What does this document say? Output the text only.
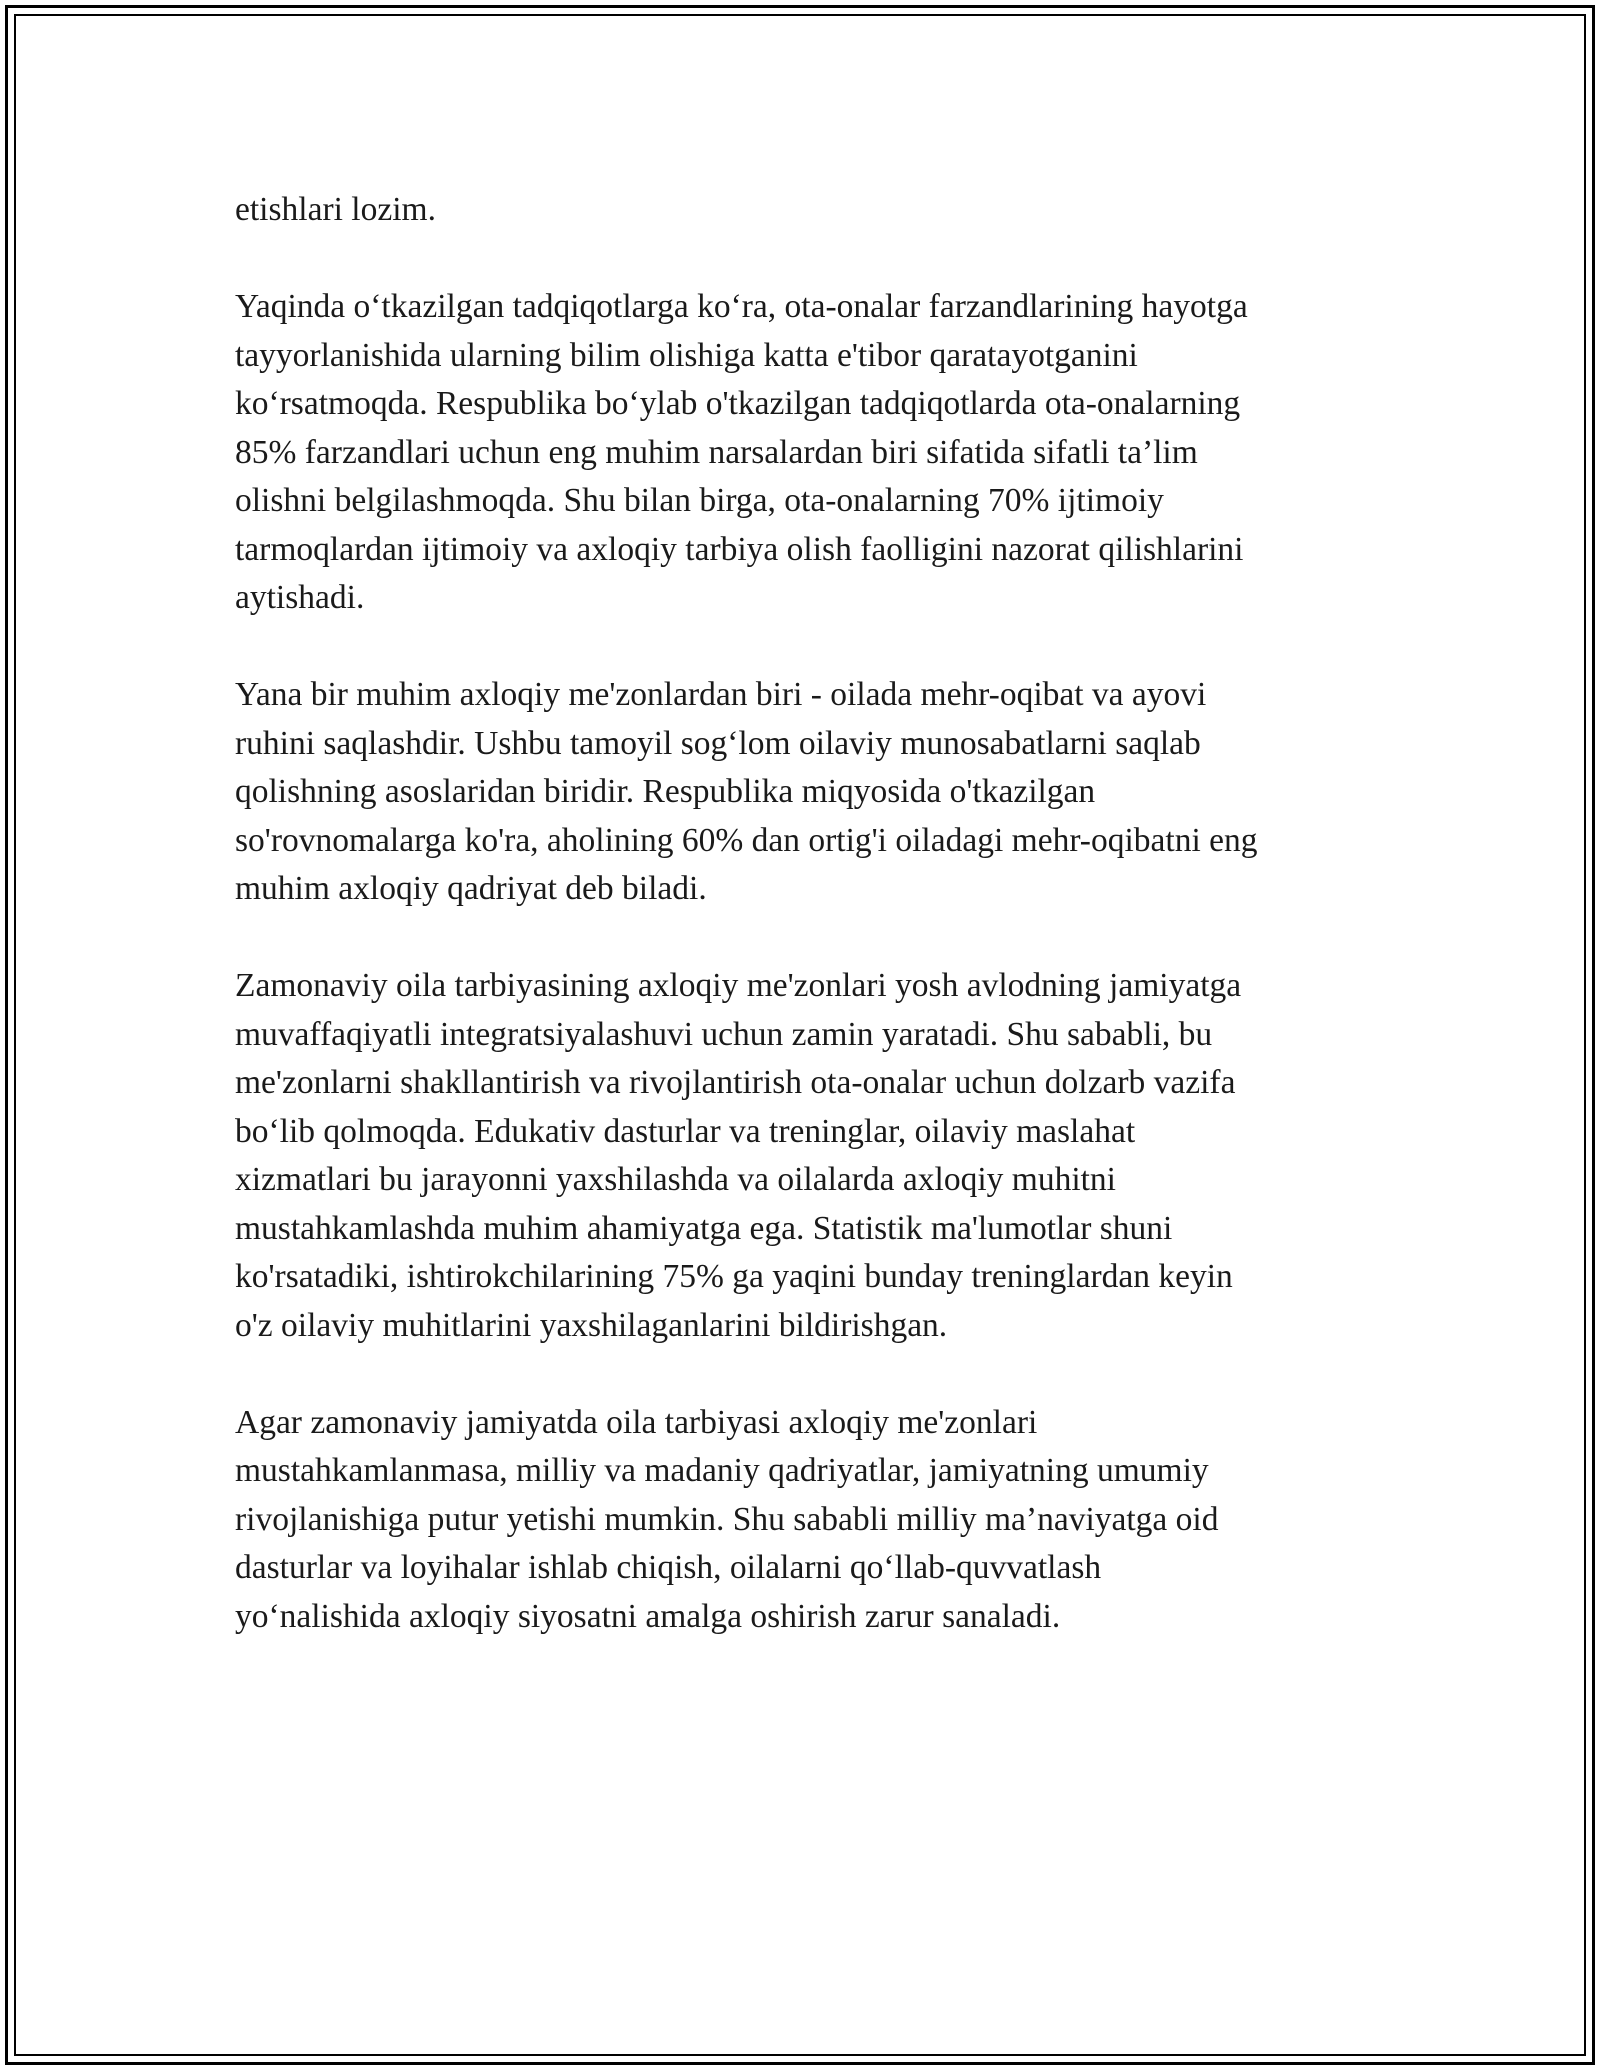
etishlari lozim.

Yaqinda o‘tkazilgan tadqiqotlarga ko‘ra, ota-onalar farzandlarining hayotga
tayyorlanishida ularning bilim olishiga katta e'tibor qaratayotganini
ko‘rsatmoqda. Respublika bo‘ylab o'tkazilgan tadqiqotlarda ota-onalarning
85% farzandlari uchun eng muhim narsalardan biri sifatida sifatli ta’lim
olishni belgilashmoqda. Shu bilan birga, ota-onalarning 70% ijtimoiy
tarmoqlardan ijtimoiy va axloqiy tarbiya olish faolligini nazorat qilishlarini
aytishadi.

Yana bir muhim axloqiy me'zonlardan biri - oilada mehr-oqibat va ayovi
ruhini saqlashdir. Ushbu tamoyil sog‘lom oilaviy munosabatlarni saqlab
qolishning asoslaridan biridir. Respublika miqyosida o'tkazilgan
so'rovnomalarga ko'ra, aholining 60% dan ortig'i oiladagi mehr-oqibatni eng
muhim axloqiy qadriyat deb biladi.

Zamonaviy oila tarbiyasining axloqiy me'zonlari yosh avlodning jamiyatga
muvaffaqiyatli integratsiyalashuvi uchun zamin yaratadi. Shu sababli, bu
me'zonlarni shakllantirish va rivojlantirish ota-onalar uchun dolzarb vazifa
bo‘lib qolmoqda. Edukativ dasturlar va treninglar, oilaviy maslahat
xizmatlari bu jarayonni yaxshilashda va oilalarda axloqiy muhitni
mustahkamlashda muhim ahamiyatga ega. Statistik ma'lumotlar shuni
ko'rsatadiki, ishtirokchilarining 75% ga yaqini bunday treninglardan keyin
o'z oilaviy muhitlarini yaxshilaganlarini bildirishgan.

Agar zamonaviy jamiyatda oila tarbiyasi axloqiy me'zonlari
mustahkamlanmasa, milliy va madaniy qadriyatlar, jamiyatning umumiy
rivojlanishiga putur yetishi mumkin. Shu sababli milliy ma’naviyatga oid
dasturlar va loyihalar ishlab chiqish, oilalarni qo‘llab-quvvatlash
yo‘nalishida axloqiy siyosatni amalga oshirish zarur sanaladi.
